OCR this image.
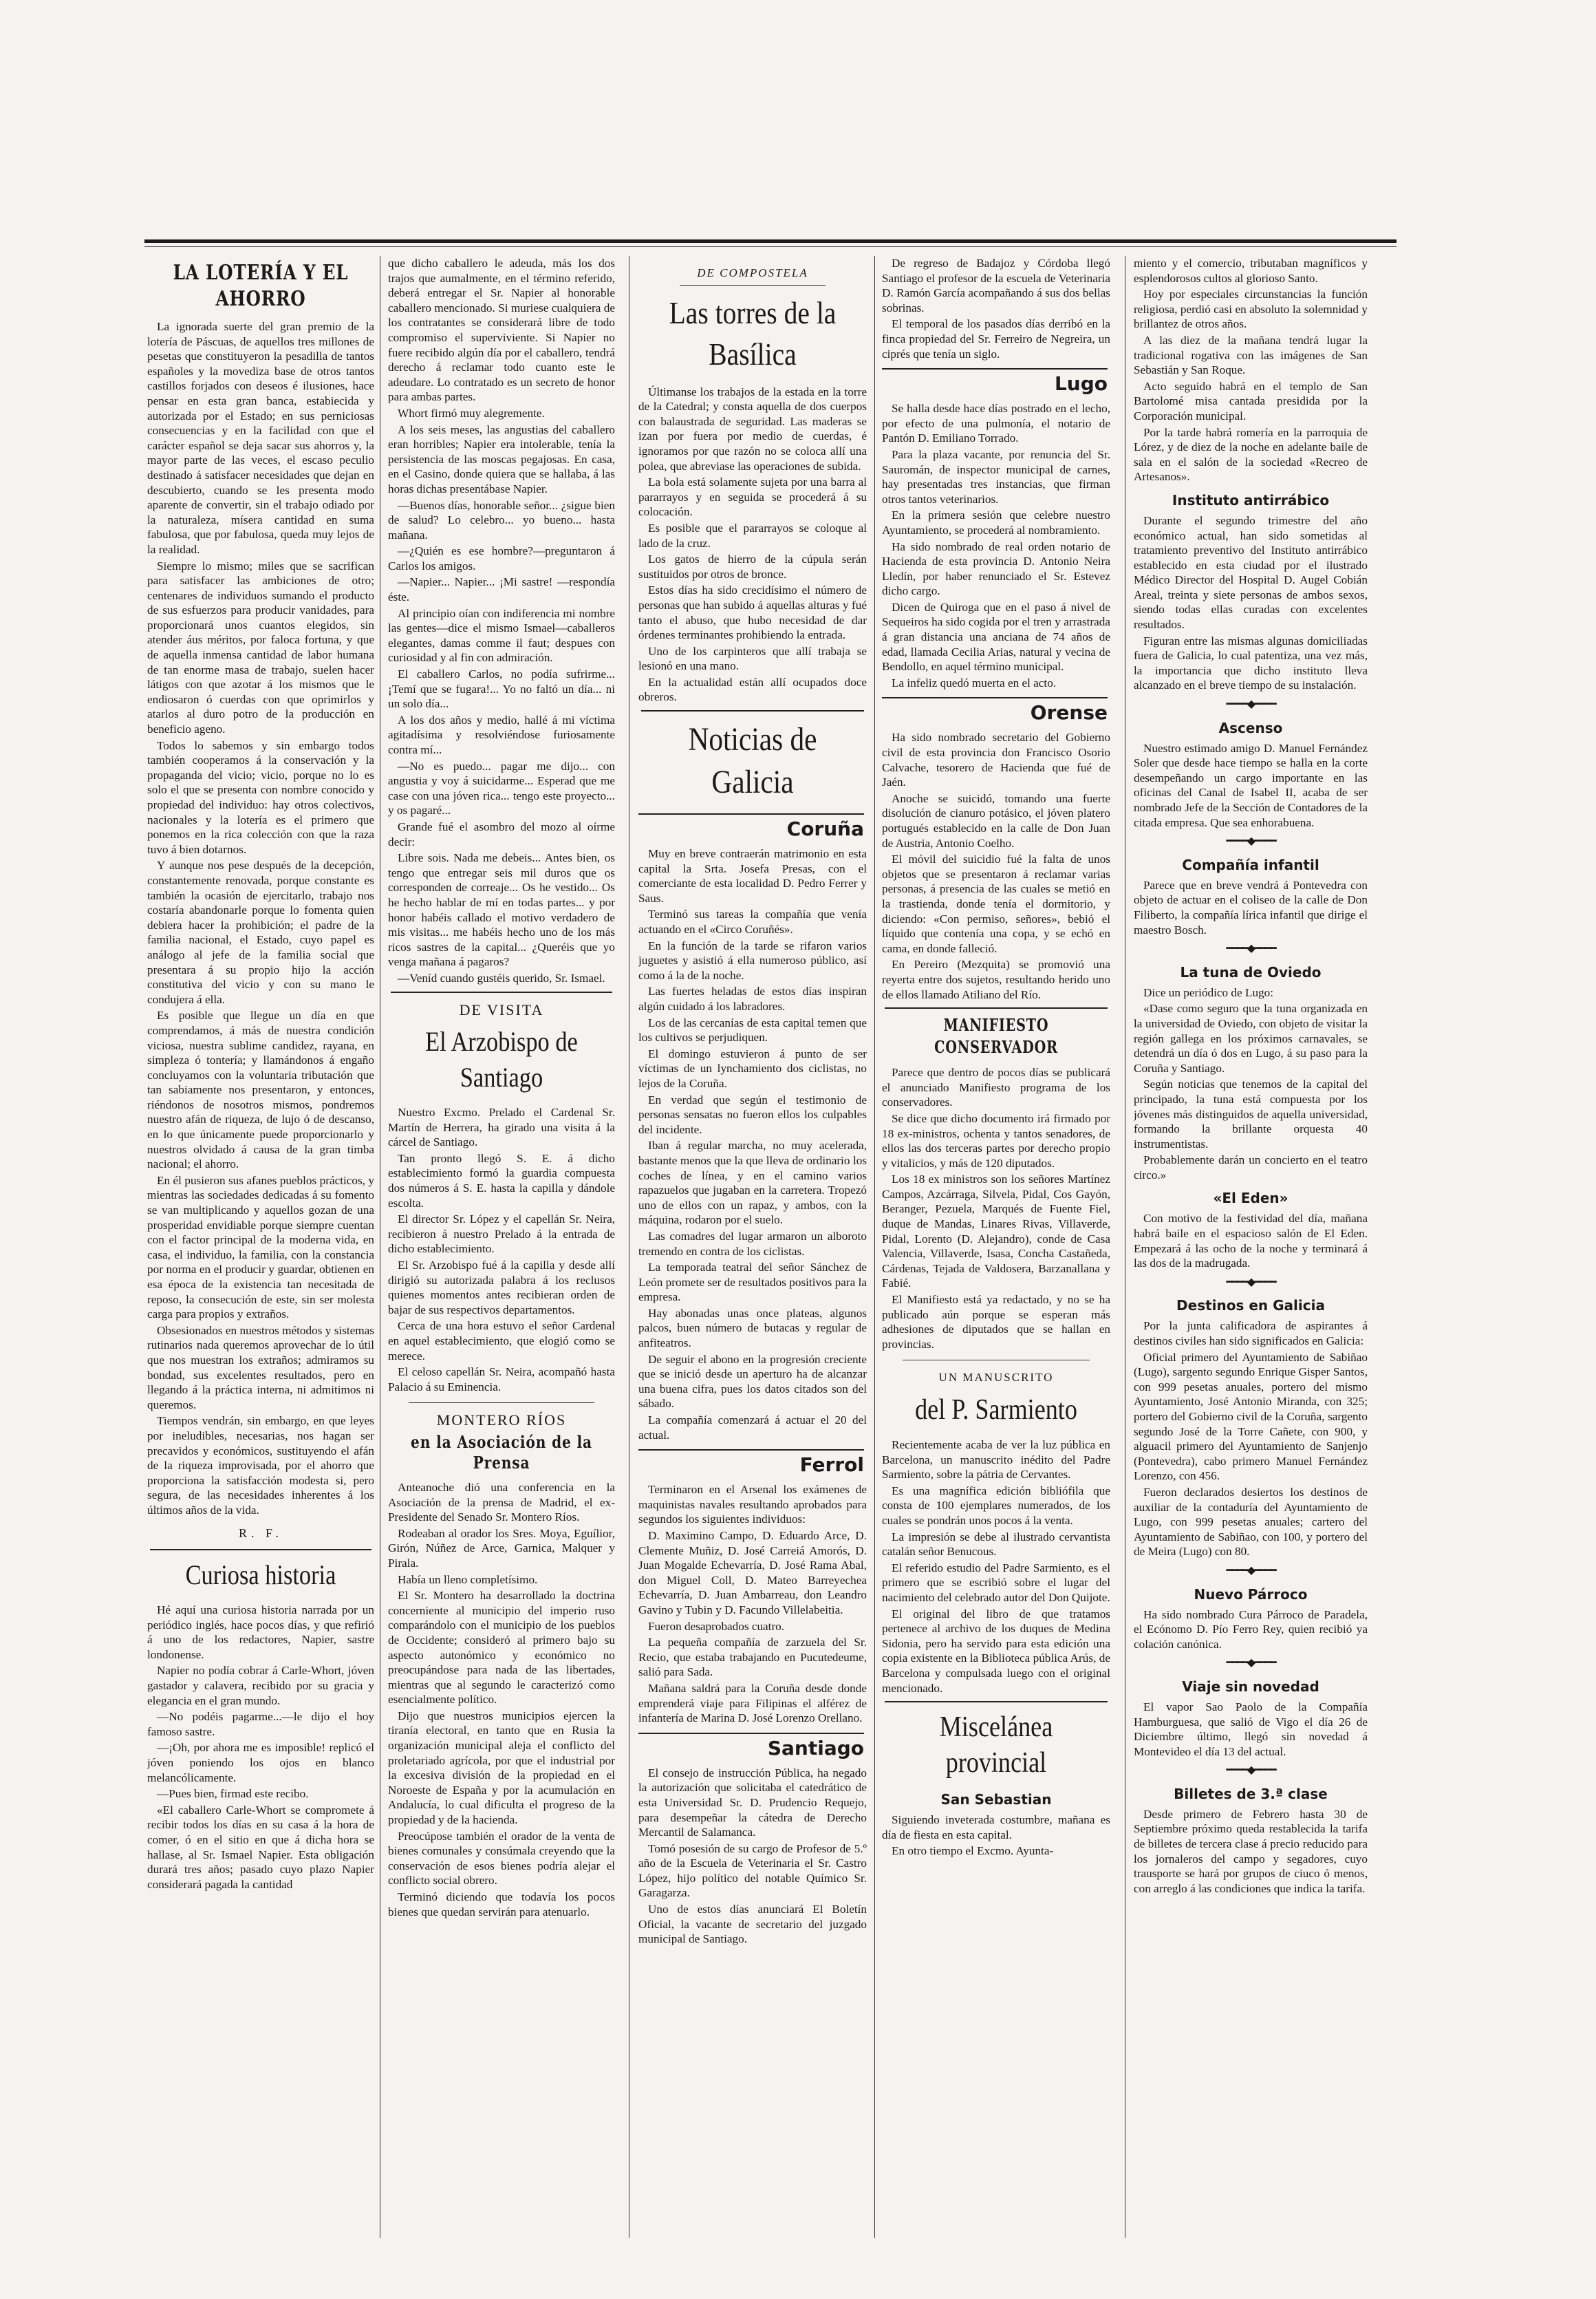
LA LOTERÍA Y EL AHORRO

La ignorada suerte del gran premio de la lotería de Páscuas, de aquellos tres millones de pesetas que constituyeron la pesadilla de tantos españoles y la movediza base de otros tantos castillos forjados con deseos é ilusiones, hace pensar en esta gran banca, estabiecida y autorizada por el Estado; en sus perniciosas consecuencias y en la facilidad con que el carácter español se deja sacar sus ahorros y, la mayor parte de las veces, el escaso peculio destinado á satisfacer necesidades que dejan en descubierto, cuando se les presenta modo aparente de convertir, sin el trabajo odiado por la naturaleza, mísera cantidad en suma fabulosa, que por fabulosa, queda muy lejos de la realidad.

Siempre lo mismo; miles que se sacrifican para satisfacer las ambiciones de otro; centenares de individuos sumando el producto de sus esfuerzos para producir vanidades, para proporcionará unos cuantos elegidos, sin atender áus méritos, por faloca fortuna, y que de aquella inmensa cantidad de labor humana de tan enorme masa de trabajo, suelen hacer látigos con que azotar á los mismos que le endiosaron ó cuerdas con que oprimirlos y atarlos al duro potro de la producción en beneficio ageno.

Todos lo sabemos y sin embargo todos también cooperamos á la conservación y la propaganda del vicio; vicio, porque no lo es solo el que se presenta con nombre conocido y propiedad del individuo: hay otros colectivos, nacionales y la lotería es el primero que ponemos en la rica colección con que la raza tuvo á bien dotarnos.

Y aunque nos pese después de la decepción, constantemente renovada, porque constante es también la ocasión de ejercitarlo, trabajo nos costaría abandonarle porque lo fomenta quien debiera hacer la prohibición; el padre de la familia nacional, el Estado, cuyo papel es análogo al jefe de la familia social que presentara á su propio hijo la acción constitutiva del vicio y con su mano le condujera á ella.

Es posible que llegue un día en que comprendamos, á más de nuestra condición viciosa, nuestra sublime candidez, rayana, en simpleza ó tontería; y llamándonos á engaño concluyamos con la voluntaria tributación que tan sabiamente nos presentaron, y entonces, riéndonos de nosotros mismos, pondremos nuestro afán de riqueza, de lujo ó de descanso, en lo que únicamente puede proporcionarlo y nuestros olvidado á causa de la gran timba nacional; el ahorro.

En él pusieron sus afanes pueblos prácticos, y mientras las sociedades dedicadas á su fomento se van multiplicando y aquellos gozan de una prosperidad envidiable porque siempre cuentan con el factor principal de la moderna vida, en casa, el individuo, la familia, con la constancia por norma en el producir y guardar, obtienen en esa época de la existencia tan necesitada de reposo, la consecución de este, sin ser molesta carga para propios y extraños.

Obsesionados en nuestros métodos y sistemas rutinarios nada queremos aprovechar de lo útil que nos muestran los extraños; admiramos su bondad, sus excelentes resultados, pero en llegando á la práctica interna, ni admitimos ni queremos.

Tiempos vendrán, sin embargo, en que leyes por ineludibles, necesarias, nos hagan ser precavidos y económicos, sustituyendo el afán de la riqueza improvisada, por el ahorro que proporciona la satisfacción modesta si, pero segura, de las necesidades inherentes á los últimos años de la vida.

R. F.
Curiosa historia

Hé aquí una curiosa historia narrada por un periódico inglés, hace pocos días, y que refirió á uno de los redactores, Napier, sastre londonense.

Napier no podía cobrar á Carle-Whort, jóven gastador y calavera, recibido por su gracia y elegancia en el gran mundo.

—No podéis pagarme...—le dijo el hoy famoso sastre.

—¡Oh, por ahora me es imposible! replicó el jóven poniendo los ojos en blanco melancólicamente.

—Pues bien, firmad este recibo.

«El caballero Carle-Whort se compromete á recibir todos los días en su casa á la hora de comer, ó en el sitio en que á dicha hora se hallase, al Sr. Ismael Napier. Esta obligación durará tres años; pasado cuyo plazo Napier considerará pagada la cantidad

que dicho caballero le adeuda, más los dos trajos que aumalmente, en el término referido, deberá entregar el Sr. Napier al honorable caballero mencionado. Si muriese cualquiera de los contratantes se considerará libre de todo compromiso el superviviente. Si Napier no fuere recibido algún día por el caballero, tendrá derecho á reclamar todo cuanto este le adeudare. Lo contratado es un secreto de honor para ambas partes.

Whort firmó muy alegremente.

A los seis meses, las angustias del caballero eran horribles; Napier era intolerable, tenía la persistencia de las moscas pegajosas. En casa, en el Casino, donde quiera que se hallaba, á las horas dichas presentábase Napier.

—Buenos días, honorable señor... ¿sigue bien de salud? Lo celebro... yo bueno... hasta mañana.

—¿Quién es ese hombre?—preguntaron á Carlos los amigos.

—Napier... Napier... ¡Mi sastre! —respondía éste.

Al principio oían con indiferencia mi nombre las gentes—dice el mismo Ismael—caballeros elegantes, damas comme il faut; despues con curiosidad y al fin con admiración.

El caballero Carlos, no podía sufrirme... ¡Temí que se fugara!... Yo no faltó un día... ni un solo día...

A los dos años y medio, hallé á mi víctima agitadísima y resolviéndose furiosamente contra mí...

—No es puedo... pagar me dijo... con angustia y voy á suicidarme... Esperad que me case con una jóven rica... tengo este proyecto... y os pagaré...

Grande fué el asombro del mozo al oírme decir:

Libre sois. Nada me debeis... Antes bien, os tengo que entregar seis mil duros que os corresponden de correaje... Os he vestido... Os he hecho hablar de mí en todas partes... y por honor habéis callado el motivo verdadero de mis visitas... me habéis hecho uno de los más ricos sastres de la capital... ¿Queréis que yo venga mañana á pagaros?

—Veníd cuando gustéis querido, Sr. Ismael.

DE VISITA
El Arzobispo de Santiago

Nuestro Excmo. Prelado el Cardenal Sr. Martín de Herrera, ha girado una visita á la cárcel de Santiago.

Tan pronto llegó S. E. á dicho establecimiento formó la guardia compuesta dos números á S. E. hasta la capilla y dándole escolta.

El director Sr. López y el capellán Sr. Neira, recibieron á nuestro Prelado á la entrada de dicho establecimiento.

El Sr. Arzobispo fué á la capilla y desde allí dirigió su autorizada palabra á los reclusos quienes momentos antes recibieran orden de bajar de sus respectivos departamentos.

Cerca de una hora estuvo el señor Cardenal en aquel establecimiento, que elogió como se merece.

El celoso capellán Sr. Neira, acompañó hasta Palacio á su Eminencia.

MONTERO RÍOS
en la Asociación de la Prensa

Anteanoche dió una conferencia en la Asociación de la prensa de Madrid, el ex-Presidente del Senado Sr. Montero Ríos.

Rodeaban al orador los Sres. Moya, Eguílior, Girón, Núñez de Arce, Garnica, Malquer y Pirala.

Había un lleno completísimo.

El Sr. Montero ha desarrollado la doctrina concerniente al municipio del imperio ruso comparándolo con el municipio de los pueblos de Occidente; consideró al primero bajo su aspecto autonómico y económico no preocupándose para nada de las libertades, mientras que al segundo le caracterizó como esencialmente político.

Dijo que nuestros municipios ejercen la tiranía electoral, en tanto que en Rusia la organización municipal aleja el conflicto del proletariado agrícola, por que el industrial por la excesiva división de la propiedad en el Noroeste de España y por la acumulación en Andalucía, lo cual dificulta el progreso de la propiedad y de la hacienda.

Preocúpose también el orador de la venta de bienes comunales y consúmala creyendo que la conservación de esos bienes podría alejar el conflicto social obrero.

Terminó diciendo que todavía los pocos bienes que quedan servirán para atenuarlo.

DE COMPOSTELA
Las torres de la Basílica

Últimanse los trabajos de la estada en la torre de la Catedral; y consta aquella de dos cuerpos con balaustrada de seguridad. Las maderas se izan por fuera por medio de cuerdas, é ignoramos por que razón no se coloca allí una polea, que abreviase las operaciones de subida.

La bola está solamente sujeta por una barra al pararrayos y en seguida se procederá á su colocación.

Es posible que el pararrayos se coloque al lado de la cruz.

Los gatos de hierro de la cúpula serán sustituidos por otros de bronce.

Estos días ha sido crecidísimo el número de personas que han subido á aquellas alturas y fué tanto el abuso, que hubo necesidad de dar órdenes terminantes prohibiendo la entrada.

Uno de los carpinteros que allí trabaja se lesionó en una mano.

En la actualidad están allí ocupados doce obreros.

Noticias de Galicia
Coruña

Muy en breve contraerán matrimonio en esta capital la Srta. Josefa Presas, con el comerciante de esta localidad D. Pedro Ferrer y Saus.

Terminó sus tareas la compañía que venía actuando en el «Circo Coruñés».

En la función de la tarde se rifaron varios juguetes y asistió á ella numeroso público, así como á la de la noche.

Las fuertes heladas de estos días inspiran algún cuidado á los labradores.

Los de las cercanías de esta capital temen que los cultivos se perjudiquen.

El domingo estuvieron á punto de ser víctimas de un lynchamiento dos ciclistas, no lejos de la Coruña.

En verdad que según el testimonio de personas sensatas no fueron ellos los culpables del incidente.

Iban á regular marcha, no muy acelerada, bastante menos que la que lleva de ordinario los coches de línea, y en el camino varios rapazuelos que jugaban en la carretera. Tropezó uno de ellos con un rapaz, y ambos, con la máquina, rodaron por el suelo.

Las comadres del lugar armaron un alboroto tremendo en contra de los ciclistas.

La temporada teatral del señor Sánchez de León promete ser de resultados positivos para la empresa.

Hay abonadas unas once plateas, algunos palcos, buen número de butacas y regular de anfiteatros.

De seguir el abono en la progresión creciente que se inició desde un aperturo ha de alcanzar una buena cifra, pues los datos citados son del sábado.

La compañía comenzará á actuar el 20 del actual.

Ferrol

Terminaron en el Arsenal los exámenes de maquinistas navales resultando aprobados para segundos los siguientes individuos:

D. Maximino Campo, D. Eduardo Arce, D. Clemente Muñiz, D. José Carreiá Amorós, D. Juan Mogalde Echevarría, D. José Rama Abal, don Miguel Coll, D. Mateo Barreyechea Echevarría, D. Juan Ambarreau, don Leandro Gavino y Tubin y D. Facundo Villelabeitia.

Fueron desaprobados cuatro.

La pequeña compañía de zarzuela del Sr. Recio, que estaba trabajando en Pucutedeume, salió para Sada.

Mañana saldrá para la Coruña desde donde emprenderá viaje para Filipinas el alférez de infantería de Marina D. José Lorenzo Orellano.

Santiago

El consejo de instrucción Pública, ha negado la autorización que solicitaba el catedrático de esta Universidad Sr. D. Prudencio Requejo, para desempeñar la cátedra de Derecho Mercantil de Salamanca.

Tomó posesión de su cargo de Profesor de 5.º año de la Escuela de Veterinaria el Sr. Castro López, hijo político del notable Químico Sr. Garagarza.

Uno de estos días anunciará El Boletín Oficial, la vacante de secretario del juzgado municipal de Santiago.

De regreso de Badajoz y Córdoba llegó Santiago el profesor de la escuela de Veterinaria D. Ramón García acompañando á sus dos bellas sobrinas.

El temporal de los pasados días derribó en la finca propiedad del Sr. Ferreiro de Negreira, un ciprés que tenía un siglo.

Lugo

Se halla desde hace días postrado en el lecho, por efecto de una pulmonía, el notario de Pantón D. Emiliano Torrado.

Para la plaza vacante, por renuncia del Sr. Sauromán, de inspector municipal de carnes, hay presentadas tres instancias, que firman otros tantos veterinarios.

En la primera sesión que celebre nuestro Ayuntamiento, se procederá al nombramiento.

Ha sido nombrado de real orden notario de Hacienda de esta provincia D. Antonio Neira Lledín, por haber renunciado el Sr. Estevez dicho cargo.

Dicen de Quiroga que en el paso á nivel de Sequeiros ha sido cogida por el tren y arrastrada á gran distancia una anciana de 74 años de edad, llamada Cecilia Arias, natural y vecina de Bendollo, en aquel término municipal.

La infeliz quedó muerta en el acto.

Orense

Ha sido nombrado secretario del Gobierno civil de esta provincia don Francisco Osorio Calvache, tesorero de Hacienda que fué de Jaén.

Anoche se suicidó, tomando una fuerte disolución de cianuro potásico, el jóven platero portugués establecido en la calle de Don Juan de Austria, Antonio Coelho.

El móvil del suicidio fué la falta de unos objetos que se presentaron á reclamar varias personas, á presencia de las cuales se metió en la trastienda, donde tenía el dormitorio, y diciendo: «Con permiso, señores», bebió el líquido que contenía una copa, y se echó en cama, en donde falleció.

En Pereiro (Mezquita) se promovió una reyerta entre dos sujetos, resultando herido uno de ellos llamado Atiliano del Río.

MANIFIESTO CONSERVADOR

Parece que dentro de pocos días se publicará el anunciado Manifiesto programa de los conservadores.

Se dice que dicho documento irá firmado por 18 ex-ministros, ochenta y tantos senadores, de ellos las dos terceras partes por derecho propio y vitalicios, y más de 120 diputados.

Los 18 ex ministros son los señores Martínez Campos, Azcárraga, Silvela, Pidal, Cos Gayón, Beranger, Pezuela, Marqués de Fuente Fiel, duque de Mandas, Linares Rivas, Villaverde, Pidal, Lorento (D. Alejandro), conde de Casa Valencia, Villaverde, Isasa, Concha Castañeda, Cárdenas, Tejada de Valdosera, Barzanallana y Fabié.

El Manifiesto está ya redactado, y no se ha publicado aún porque se esperan más adhesiones de diputados que se hallan en provincias.

UN MANUSCRITO
del P. Sarmiento

Recientemente acaba de ver la luz pública en Barcelona, un manuscrito inédito del Padre Sarmiento, sobre la pátria de Cervantes.

Es una magnífica edición bibliófila que consta de 100 ejemplares numerados, de los cuales se pondrán unos pocos á la venta.

La impresión se debe al ilustrado cervantista catalán señor Benucous.

El referido estudio del Padre Sarmiento, es el primero que se escribió sobre el lugar del nacimiento del celebrado autor del Don Quijote.

El original del libro de que tratamos pertenece al archivo de los duques de Medina Sidonia, pero ha servido para esta edición una copia existente en la Biblioteca pública Arús, de Barcelona y compulsada luego con el original mencionado.

Miscelánea provincial
San Sebastian

Siguiendo inveterada costumbre, mañana es día de fiesta en esta capital.

En otro tiempo el Excmo. Ayunta-

miento y el comercio, tributaban magníficos y esplendorosos cultos al glorioso Santo.

Hoy por especiales circunstancias la función religiosa, perdió casi en absoluto la solemnidad y brillantez de otros años.

A las diez de la mañana tendrá lugar la tradicional rogativa con las imágenes de San Sebastián y San Roque.

Acto seguido habrá en el templo de San Bartolomé misa cantada presidida por la Corporación municipal.

Por la tarde habrá romería en la parroquia de Lórez, y de diez de la noche en adelante baile de sala en el salón de la sociedad «Recreo de Artesanos».

Instituto antirrábico

Durante el segundo trimestre del año económico actual, han sido sometidas al tratamiento preventivo del Instituto antirrábico establecido en esta ciudad por el ilustrado Médico Director del Hospital D. Augel Cobián Areal, treinta y siete personas de ambos sexos, siendo todas ellas curadas con excelentes resultados.

Figuran entre las mismas algunas domiciliadas fuera de Galicia, lo cual patentiza, una vez más, la importancia que dicho instituto lleva alcanzado en el breve tiempo de su instalación.

━━━━◆━━━━
Ascenso

Nuestro estimado amigo D. Manuel Fernández Soler que desde hace tiempo se halla en la corte desempeñando un cargo importante en las oficinas del Canal de Isabel II, acaba de ser nombrado Jefe de la Sección de Contadores de la citada empresa. Que sea enhorabuena.

━━━━◆━━━━
Compañía infantil

Parece que en breve vendrá á Pontevedra con objeto de actuar en el coliseo de la calle de Don Filiberto, la compañía lírica infantil que dirige el maestro Bosch.

━━━━◆━━━━
La tuna de Oviedo

Dice un periódico de Lugo:

«Dase como seguro que la tuna organizada en la universidad de Oviedo, con objeto de visitar la región gallega en los próximos carnavales, se detendrá un día ó dos en Lugo, á su paso para la Coruña y Santiago.

Según noticias que tenemos de la capital del principado, la tuna está compuesta por los jóvenes más distinguidos de aquella universidad, formando la brillante orquesta 40 instrumentistas.

Probablemente darán un concierto en el teatro circo.»

«El Eden»

Con motivo de la festividad del día, mañana habrá baile en el espacioso salón de El Eden. Empezará á las ocho de la noche y terminará á las dos de la madrugada.

━━━━◆━━━━
Destinos en Galicia

Por la junta calificadora de aspirantes á destinos civiles han sido significados en Galicia:

Oficial primero del Ayuntamiento de Sabiñao (Lugo), sargento segundo Enrique Gisper Santos, con 999 pesetas anuales, portero del mismo Ayuntamiento, José Antonio Miranda, con 325; portero del Gobierno civil de la Coruña, sargento segundo José de la Torre Cañete, con 900, y alguacil primero del Ayuntamiento de Sanjenjo (Pontevedra), cabo primero Manuel Fernández Lorenzo, con 456.

Fueron declarados desiertos los destinos de auxiliar de la contaduría del Ayuntamiento de Lugo, con 999 pesetas anuales; cartero del Ayuntamiento de Sabiñao, con 100, y portero del de Meira (Lugo) con 80.

━━━━◆━━━━
Nuevo Párroco

Ha sido nombrado Cura Párroco de Paradela, el Ecónomo D. Pío Ferro Rey, quien recibió ya colación canónica.

━━━━◆━━━━
Viaje sin novedad

El vapor Sao Paolo de la Compañía Hamburguesa, que salió de Vigo el día 26 de Diciembre último, llegó sin novedad á Montevideo el día 13 del actual.

━━━━◆━━━━
Billetes de 3.ª clase

Desde primero de Febrero hasta 30 de Septiembre próximo queda restablecida la tarifa de billetes de tercera clase á precio reducido para los jornaleros del campo y segadores, cuyo trausporte se hará por grupos de ciuco ó menos, con arreglo á las condiciones que indica la tarifa.
